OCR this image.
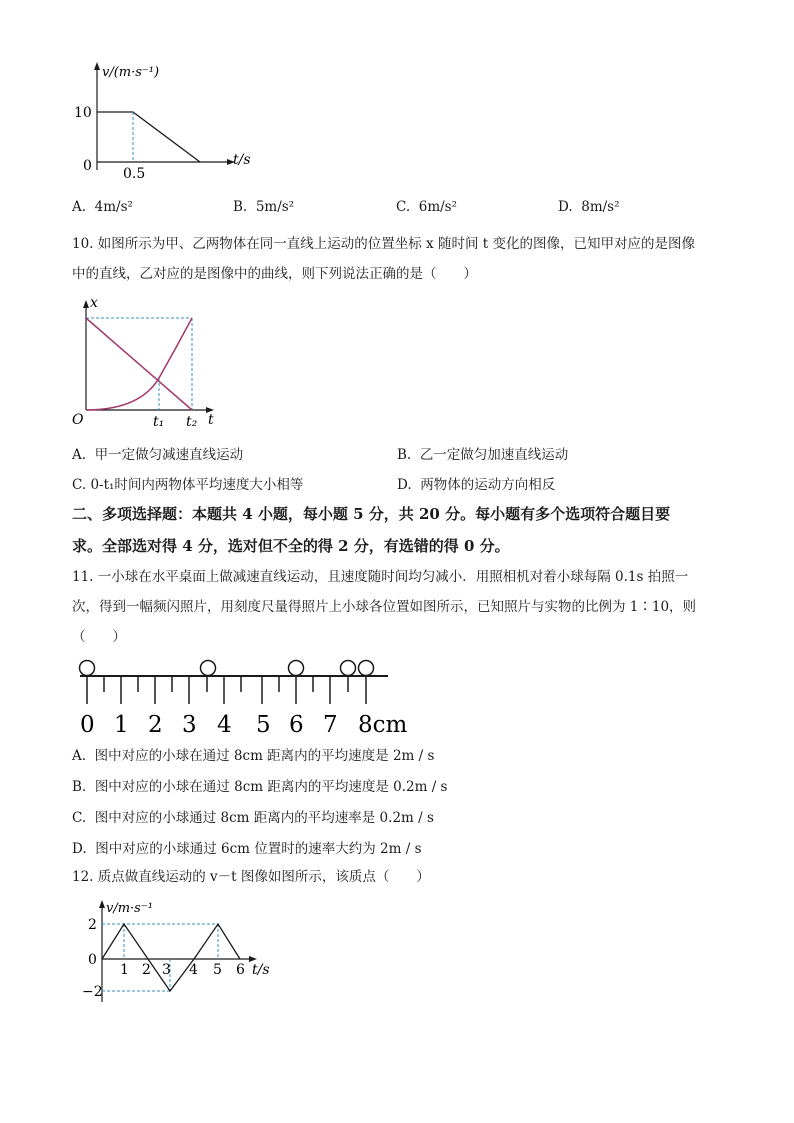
v/(m·s⁻¹)
10
0 0.5
t/s
A. 4m/s²	B. 5m/s²	C. 6m/s²	D. 8m/s²
10. 如图所示为甲、乙两物体在同一直线上运动的位置坐标 x 随时间 t 变化的图像，已知甲对应的是图像
中的直线，乙对应的是图像中的曲线，则下列说法正确的是（　　）
x
O	t₁ t₂ t
A. 甲一定做匀减速直线运动	B. 乙一定做匀加速直线运动
C. 0-t₁时间内两物体平均速度大小相等	D. 两物体的运动方向相反
二、多项选择题：本题共 4 小题，每小题 5 分，共 20 分。每小题有多个选项符合题目要
求。全部选对得 4 分，选对但不全的得 2 分，有选错的得 0 分。
11. 一小球在水平桌面上做减速直线运动，且速度随时间均匀减小．用照相机对着小球每隔 0.1s 拍照一
次，得到一幅频闪照片，用刻度尺量得照片上小球各位置如图所示，已知照片与实物的比例为 1∶10，则
（　　）
0 1 2 3 4 5 6 7 8cm
A. 图中对应的小球在通过 8cm 距离内的平均速度是 2m / s
B. 图中对应的小球在通过 8cm 距离内的平均速度是 0.2m / s
C. 图中对应的小球通过 8cm 距离内的平均速率是 0.2m / s
D. 图中对应的小球通过 6cm 位置时的速率大约为 2m / s
12. 质点做直线运动的 v－t 图像如图所示，该质点（　　）
v/m·s⁻¹
2
0
−2
1 2 3 4 5 6 t/s
